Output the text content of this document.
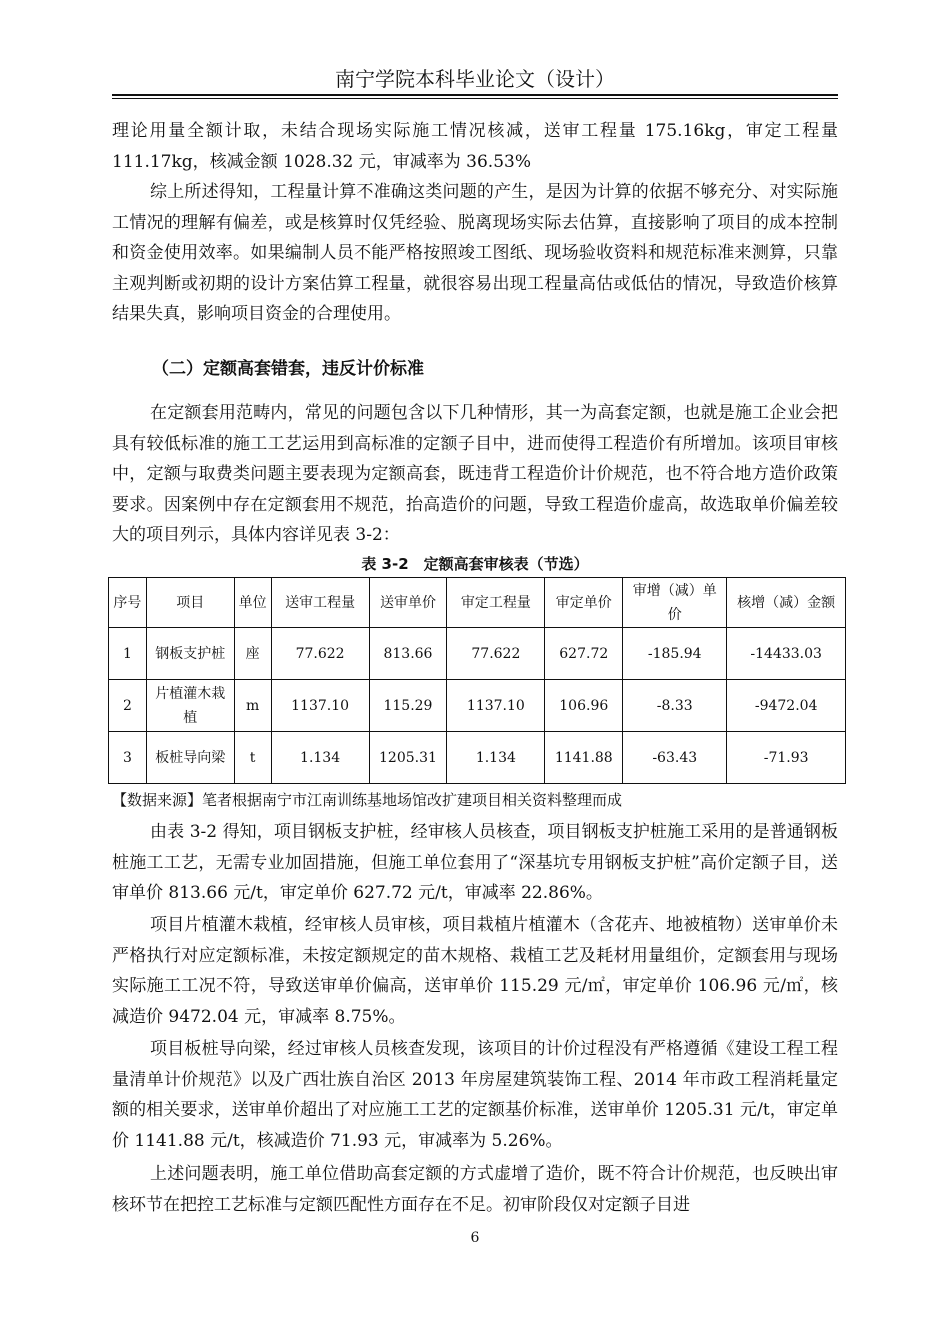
南宁学院本科毕业论文（设计）

理论用量全额计取，未结合现场实际施工情况核减，送审工程量 175.16kg，审定工程量 111.17kg，核减金额 1028.32 元，审减率为 36.53%

综上所述得知，工程量计算不准确这类问题的产生，是因为计算的依据不够充分、对实际施工情况的理解有偏差，或是核算时仅凭经验、脱离现场实际去估算，直接影响了项目的成本控制和资金使用效率。如果编制人员不能严格按照竣工图纸、现场验收资料和规范标准来测算，只靠主观判断或初期的设计方案估算工程量，就很容易出现工程量高估或低估的情况，导致造价核算结果失真，影响项目资金的合理使用。

（二）定额高套错套，违反计价标准

在定额套用范畴内，常见的问题包含以下几种情形，其一为高套定额，也就是施工企业会把具有较低标准的施工工艺运用到高标准的定额子目中，进而使得工程造价有所增加。该项目审核中，定额与取费类问题主要表现为定额高套，既违背工程造价计价规范，也不符合地方造价政策要求。因案例中存在定额套用不规范，抬高造价的问题，导致工程造价虚高，故选取单价偏差较大的项目列示，具体内容详见表 3-2：

表 3-2　定额高套审核表（节选）
序号	项目	单位	送审工程量	送审单价	审定工程量	审定单价	审增（减）单价	核增（减）金额
1	钢板支护桩	座	77.622	813.66	77.622	627.72	-185.94	-14433.03
2	片植灌木栽植	m	1137.10	115.29	1137.10	106.96	-8.33	-9472.04
3	板桩导向梁	t	1.134	1205.31	1.134	1141.88	-63.43	-71.93
【数据来源】笔者根据南宁市江南训练基地场馆改扩建项目相关资料整理而成

由表 3-2 得知，项目钢板支护桩，经审核人员核查，项目钢板支护桩施工采用的是普通钢板桩施工工艺，无需专业加固措施，但施工单位套用了“深基坑专用钢板支护桩”高价定额子目，送审单价 813.66 元/t，审定单价 627.72 元/t，审减率 22.86%。

项目片植灌木栽植，经审核人员审核，项目栽植片植灌木（含花卉、地被植物）送审单价未严格执行对应定额标准，未按定额规定的苗木规格、栽植工艺及耗材用量组价，定额套用与现场实际施工工况不符，导致送审单价偏高，送审单价 115.29 元/㎡，审定单价 106.96 元/㎡，核减造价 9472.04 元，审减率 8.75%。

项目板桩导向梁，经过审核人员核查发现，该项目的计价过程没有严格遵循《建设工程工程量清单计价规范》以及广西壮族自治区 2013 年房屋建筑装饰工程、2014 年市政工程消耗量定额的相关要求，送审单价超出了对应施工工艺的定额基价标准，送审单价 1205.31 元/t，审定单价 1141.88 元/t，核减造价 71.93 元，审减率为 5.26%。

上述问题表明，施工单位借助高套定额的方式虚增了造价，既不符合计价规范，也反映出审核环节在把控工艺标准与定额匹配性方面存在不足。初审阶段仅对定额子目进

6
